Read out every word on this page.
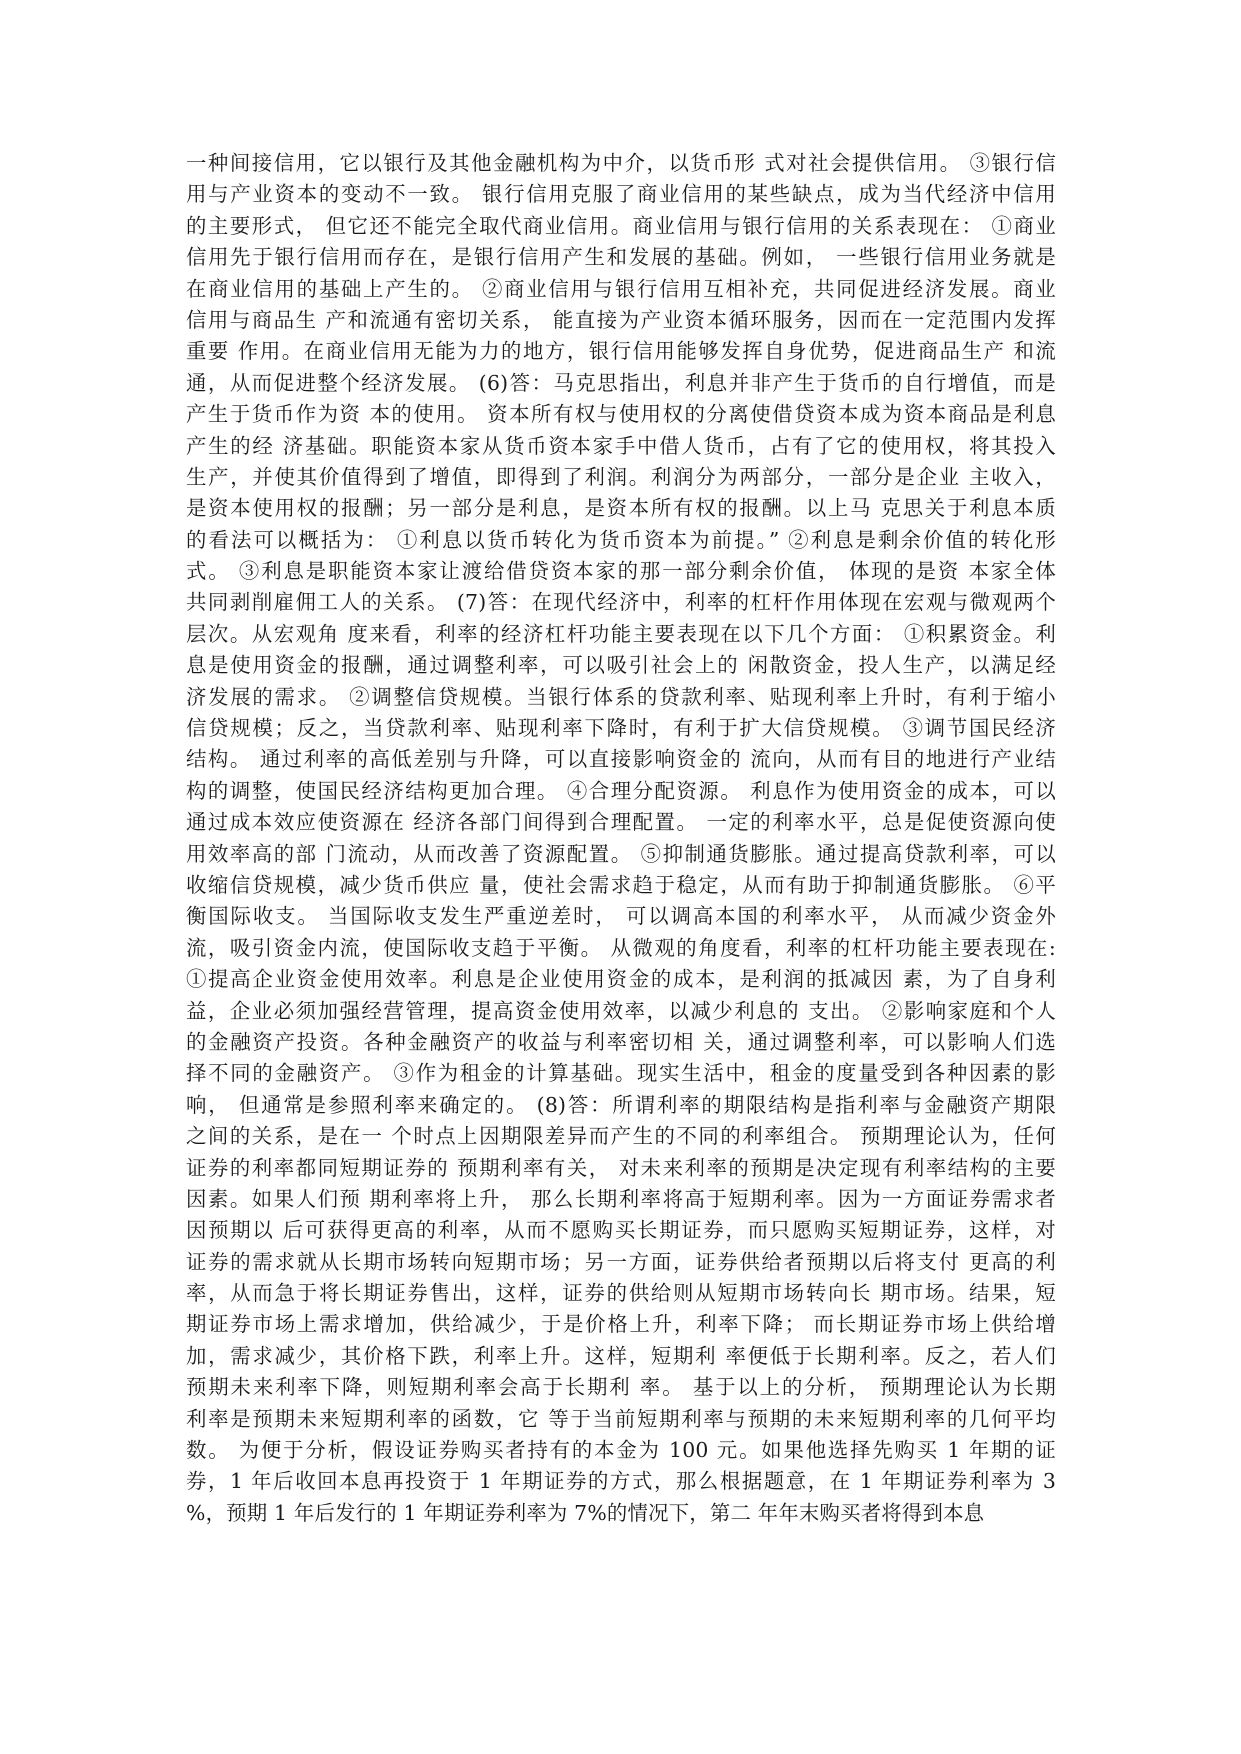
一种间接信用，它以银行及其他金融机构为中介，以货币形 式对社会提供信用。 ③银行信
用与产业资本的变动不一致。 银行信用克服了商业信用的某些缺点，成为当代经济中信用
的主要形式， 但它还不能完全取代商业信用。商业信用与银行信用的关系表现在： ①商业
信用先于银行信用而存在，是银行信用产生和发展的基础。例如， 一些银行信用业务就是
在商业信用的基础上产生的。 ②商业信用与银行信用互相补充，共同促进经济发展。商业
信用与商品生 产和流通有密切关系， 能直接为产业资本循环服务，因而在一定范围内发挥
重要 作用。在商业信用无能为力的地方，银行信用能够发挥自身优势，促进商品生产 和流
通，从而促进整个经济发展。 (6)答：马克思指出，利息并非产生于货币的自行增值，而是
产生于货币作为资 本的使用。 资本所有权与使用权的分离使借贷资本成为资本商品是利息
产生的经 济基础。职能资本家从货币资本家手中借人货币，占有了它的使用权，将其投入
生产，并使其价值得到了增值，即得到了利润。利润分为两部分，一部分是企业 主收入，
是资本使用权的报酬；另一部分是利息，是资本所有权的报酬。以上马 克思关于利息本质
的看法可以概括为： ①利息以货币转化为货币资本为前提。” ②利息是剩余价值的转化形
式。 ③利息是职能资本家让渡给借贷资本家的那一部分剩余价值， 体现的是资 本家全体
共同剥削雇佣工人的关系。 (7)答：在现代经济中，利率的杠杆作用体现在宏观与微观两个
层次。从宏观角 度来看，利率的经济杠杆功能主要表现在以下几个方面： ①积累资金。利
息是使用资金的报酬，通过调整利率，可以吸引社会上的 闲散资金，投人生产，以满足经
济发展的需求。 ②调整信贷规模。当银行体系的贷款利率、贴现利率上升时，有利于缩小
信贷规模；反之，当贷款利率、贴现利率下降时，有利于扩大信贷规模。 ③调节国民经济
结构。 通过利率的高低差别与升降，可以直接影响资金的 流向，从而有目的地进行产业结
构的调整，使国民经济结构更加合理。 ④合理分配资源。 利息作为使用资金的成本，可以
通过成本效应使资源在 经济各部门间得到合理配置。 一定的利率水平，总是促使资源向使
用效率高的部 门流动，从而改善了资源配置。 ⑤抑制通货膨胀。通过提高贷款利率，可以
收缩信贷规模，减少货币供应 量，使社会需求趋于稳定，从而有助于抑制通货膨胀。 ⑥平
衡国际收支。 当国际收支发生严重逆差时， 可以调高本国的利率水平， 从而减少资金外
流，吸引资金内流，使国际收支趋于平衡。 从微观的角度看，利率的杠杆功能主要表现在:
①提高企业资金使用效率。利息是企业使用资金的成本，是利润的抵减因 素，为了自身利
益，企业必须加强经营管理，提高资金使用效率，以减少利息的 支出。 ②影响家庭和个人
的金融资产投资。各种金融资产的收益与利率密切相 关，通过调整利率，可以影响人们选
择不同的金融资产。 ③作为租金的计算基础。现实生活中，租金的度量受到各种因素的影
响， 但通常是参照利率来确定的。 (8)答：所谓利率的期限结构是指利率与金融资产期限
之间的关系，是在一 个时点上因期限差异而产生的不同的利率组合。 预期理论认为，任何
证券的利率都同短期证券的 预期利率有关， 对未来利率的预期是决定现有利率结构的主要
因素。如果人们预 期利率将上升， 那么长期利率将高于短期利率。因为一方面证券需求者
因预期以 后可获得更高的利率，从而不愿购买长期证券，而只愿购买短期证券，这样，对
证券的需求就从长期市场转向短期市场；另一方面，证券供给者预期以后将支付 更高的利
率，从而急于将长期证券售出，这样，证券的供给则从短期市场转向长 期市场。结果，短
期证券市场上需求增加，供给减少，于是价格上升，利率下降； 而长期证券市场上供给增
加，需求减少，其价格下跌，利率上升。这样，短期利 率便低于长期利率。反之，若人们
预期未来利率下降，则短期利率会高于长期利 率。 基于以上的分析， 预期理论认为长期
利率是预期未来短期利率的函数，它 等于当前短期利率与预期的未来短期利率的几何平均
数。 为便于分析，假设证券购买者持有的本金为 100 元。如果他选择先购买 1 年期的证
券，1 年后收回本息再投资于 1 年期证券的方式，那么根据题意，在 1 年期证券利率为 3
%，预期 1 年后发行的 1 年期证券利率为 7%的情况下，第二 年年末购买者将得到本息
